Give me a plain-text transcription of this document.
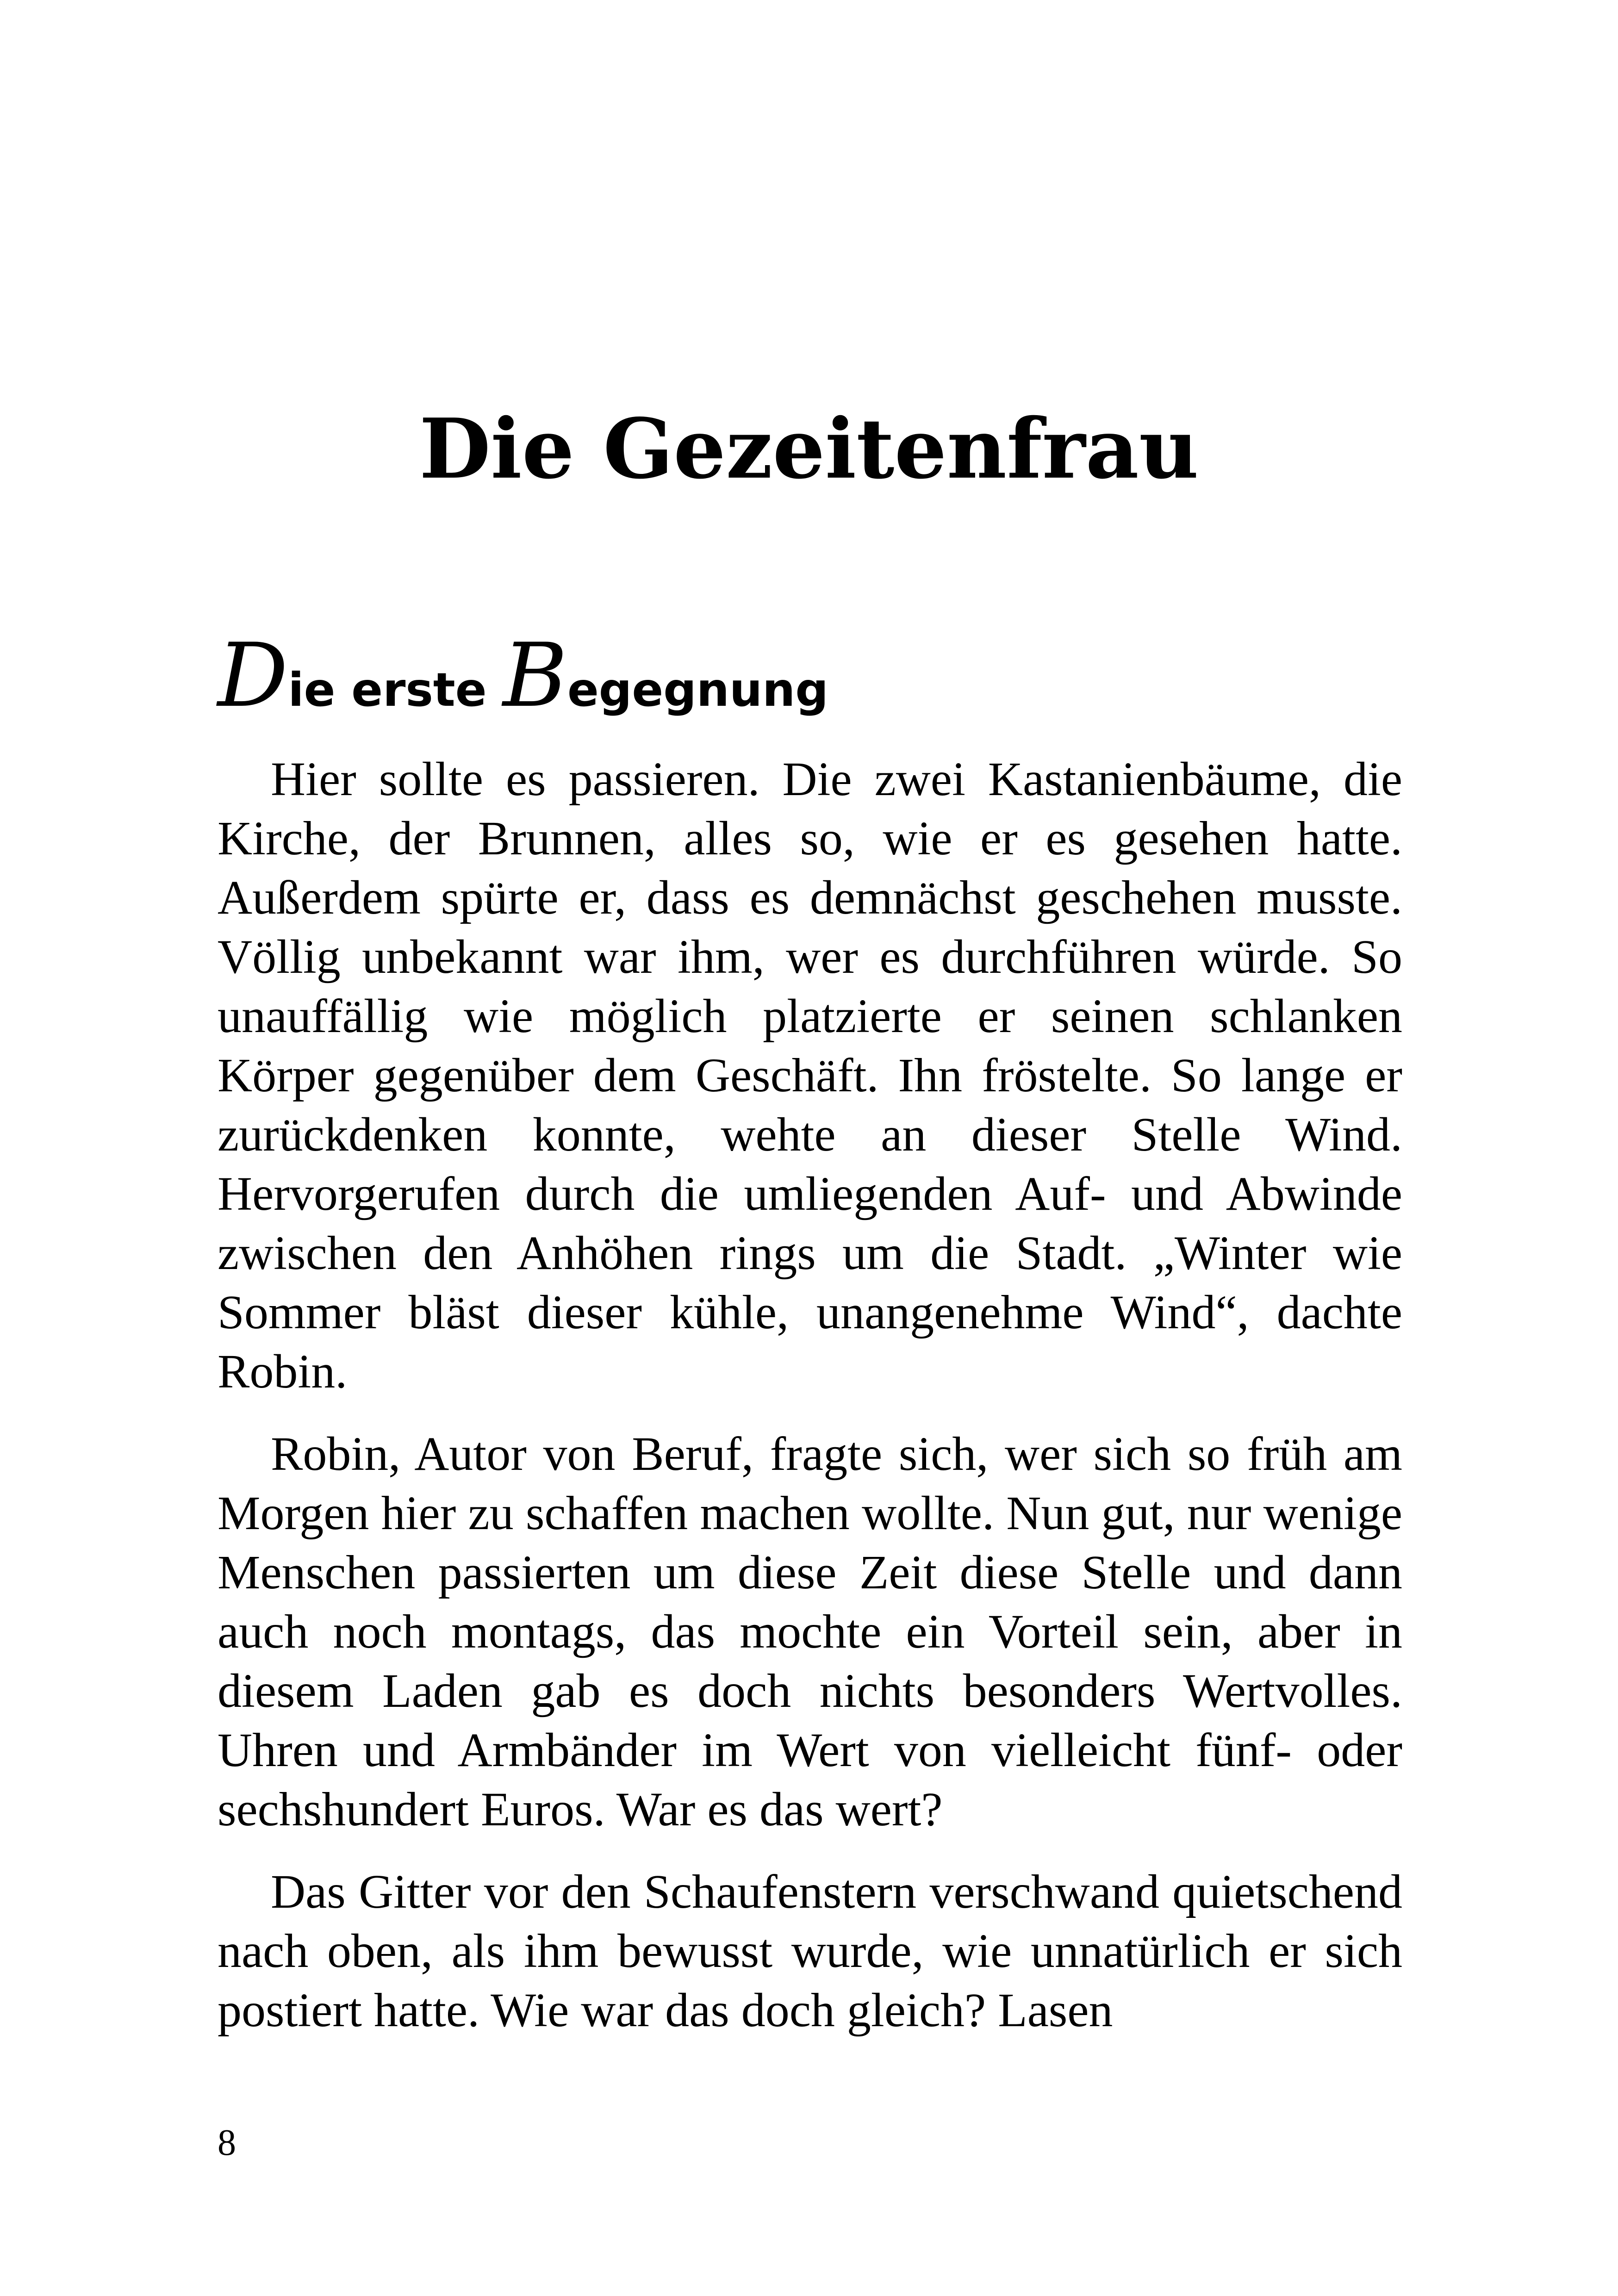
Die Gezeitenfrau
Die erste Begegnung

Hier sollte es passieren. Die zwei Kastanienbäume, die Kirche, der Brunnen, alles so, wie er es gesehen hatte. Außerdem spürte er, dass es demnächst geschehen musste. Völlig unbekannt war ihm, wer es durchführen würde. So unauffällig wie möglich platzierte er seinen schlanken Körper gegenüber dem Geschäft. Ihn fröstelte. So lange er zurückdenken konnte, wehte an dieser Stelle Wind. Hervorgerufen durch die umliegenden Auf- und Abwinde zwischen den Anhöhen rings um die Stadt. „Winter wie Sommer bläst dieser kühle, unangenehme Wind“, dachte Robin.

Robin, Autor von Beruf, fragte sich, wer sich so früh am Morgen hier zu schaffen machen wollte. Nun gut, nur wenige Menschen passierten um diese Zeit diese Stelle und dann auch noch montags, das mochte ein Vorteil sein, aber in diesem Laden gab es doch nichts besonders Wertvolles. Uhren und Armbänder im Wert von vielleicht fünf- oder sechshundert Euros. War es das wert?

Das Gitter vor den Schaufenstern verschwand quietschend nach oben, als ihm bewusst wurde, wie unnatürlich er sich postiert hatte. Wie war das doch gleich? Lasen

8
